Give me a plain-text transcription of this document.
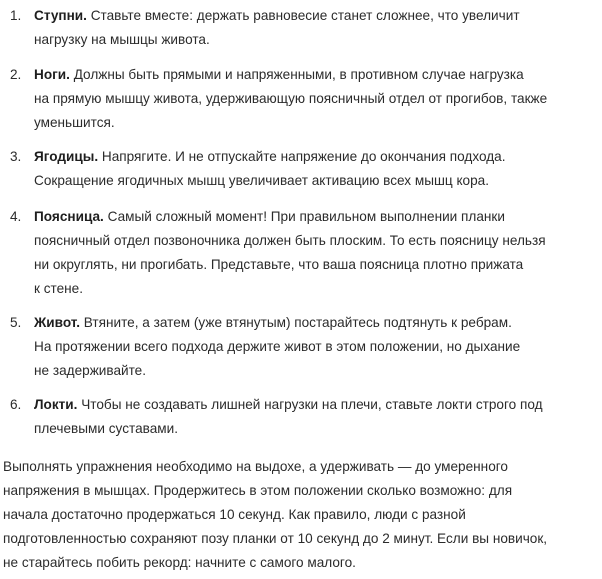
1. Ступни. Ставьте вместе: держать равновесие станет сложнее, что увеличит
нагрузку на мышцы живота.
2. Ноги. Должны быть прямыми и напряженными, в противном случае нагрузка
на прямую мышцу живота, удерживающую поясничный отдел от прогибов, также
уменьшится.
3. Ягодицы. Напрягите. И не отпускайте напряжение до окончания подхода.
Сокращение ягодичных мышц увеличивает активацию всех мышц кора.
4. Поясница. Самый сложный момент! При правильном выполнении планки
поясничный отдел позвоночника должен быть плоским. То есть поясницу нельзя
ни округлять, ни прогибать. Представьте, что ваша поясница плотно прижата
к стене.
5. Живот. Втяните, а затем (уже втянутым) постарайтесь подтянуть к ребрам.
На протяжении всего подхода держите живот в этом положении, но дыхание
не задерживайте.
6. Локти. Чтобы не создавать лишней нагрузки на плечи, ставьте локти строго под
плечевыми суставами.
Выполнять упражнения необходимо на выдохе, а удерживать — до умеренного
напряжения в мышцах. Продержитесь в этом положении сколько возможно: для
начала достаточно продержаться 10 секунд. Как правило, люди с разной
подготовленностью сохраняют позу планки от 10 секунд до 2 минут. Если вы новичок,
не старайтесь побить рекорд: начните с самого малого.
